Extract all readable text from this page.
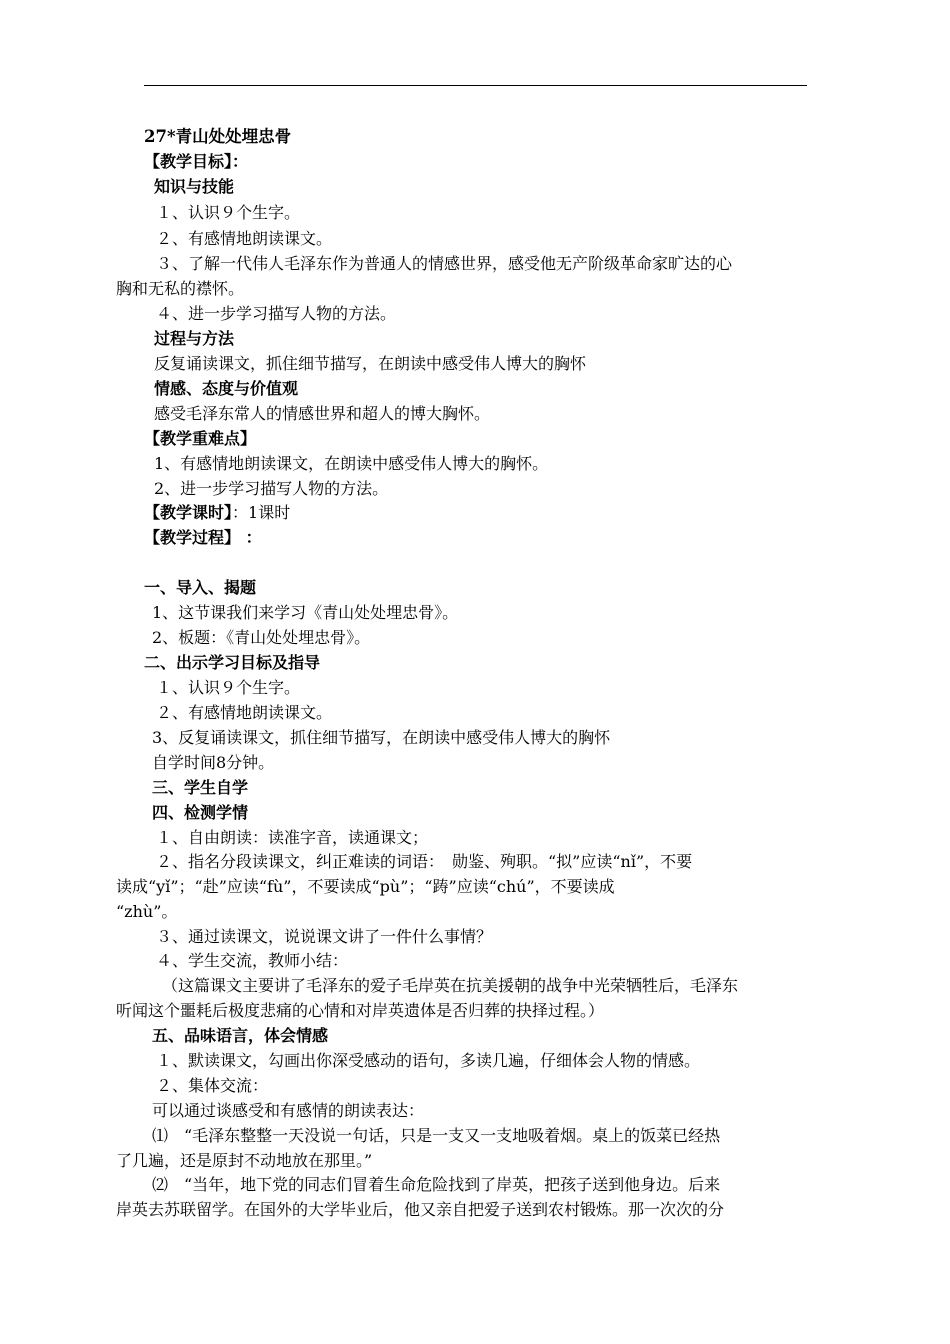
27*青山处处埋忠骨
【教学目标】：
知识与技能
１、认识９个生字。
２、有感情地朗读课文。
３、了解一代伟人毛泽东作为普通人的情感世界，感受他无产阶级革命家旷达的心
胸和无私的襟怀。
４、进一步学习描写人物的方法。
过程与方法
反复诵读课文，抓住细节描写，在朗读中感受伟人博大的胸怀
情感、态度与价值观
感受毛泽东常人的情感世界和超人的博大胸怀。
【教学重难点】
1、有感情地朗读课文，在朗读中感受伟人博大的胸怀。
2、进一步学习描写人物的方法。
【教学课时】：1课时
【教学过程】 ：
一、导入、揭题
1、这节课我们来学习《青山处处埋忠骨》。
2、板题：《青山处处埋忠骨》。
二、出示学习目标及指导
１、认识９个生字。
２、有感情地朗读课文。
3、反复诵读课文，抓住细节描写，在朗读中感受伟人博大的胸怀
自学时间8分钟。
三、学生自学
四、检测学情
１、自由朗读：读准字音，读通课文；
２、指名分段读课文，纠正难读的词语：　勋鉴、殉职。“拟”应读“nǐ”，不要
读成“yǐ”；“赴”应读“fù”，不要读成“pù”；“踌”应读“chú”，不要读成
“zhù”。
３、通过读课文，说说课文讲了一件什么事情？
４、学生交流，教师小结：
（这篇课文主要讲了毛泽东的爱子毛岸英在抗美援朝的战争中光荣牺牲后，毛泽东
听闻这个噩耗后极度悲痛的心情和对岸英遗体是否归葬的抉择过程。）
五、品味语言，体会情感
１、默读课文，勾画出你深受感动的语句，多读几遍，仔细体会人物的情感。
２、集体交流：
可以通过谈感受和有感情的朗读表达：
⑴　“毛泽东整整一天没说一句话，只是一支又一支地吸着烟。桌上的饭菜已经热
了几遍，还是原封不动地放在那里。”
⑵　“当年，地下党的同志们冒着生命危险找到了岸英，把孩子送到他身边。后来
岸英去苏联留学。在国外的大学毕业后，他又亲自把爱子送到农村锻炼。那一次次的分
